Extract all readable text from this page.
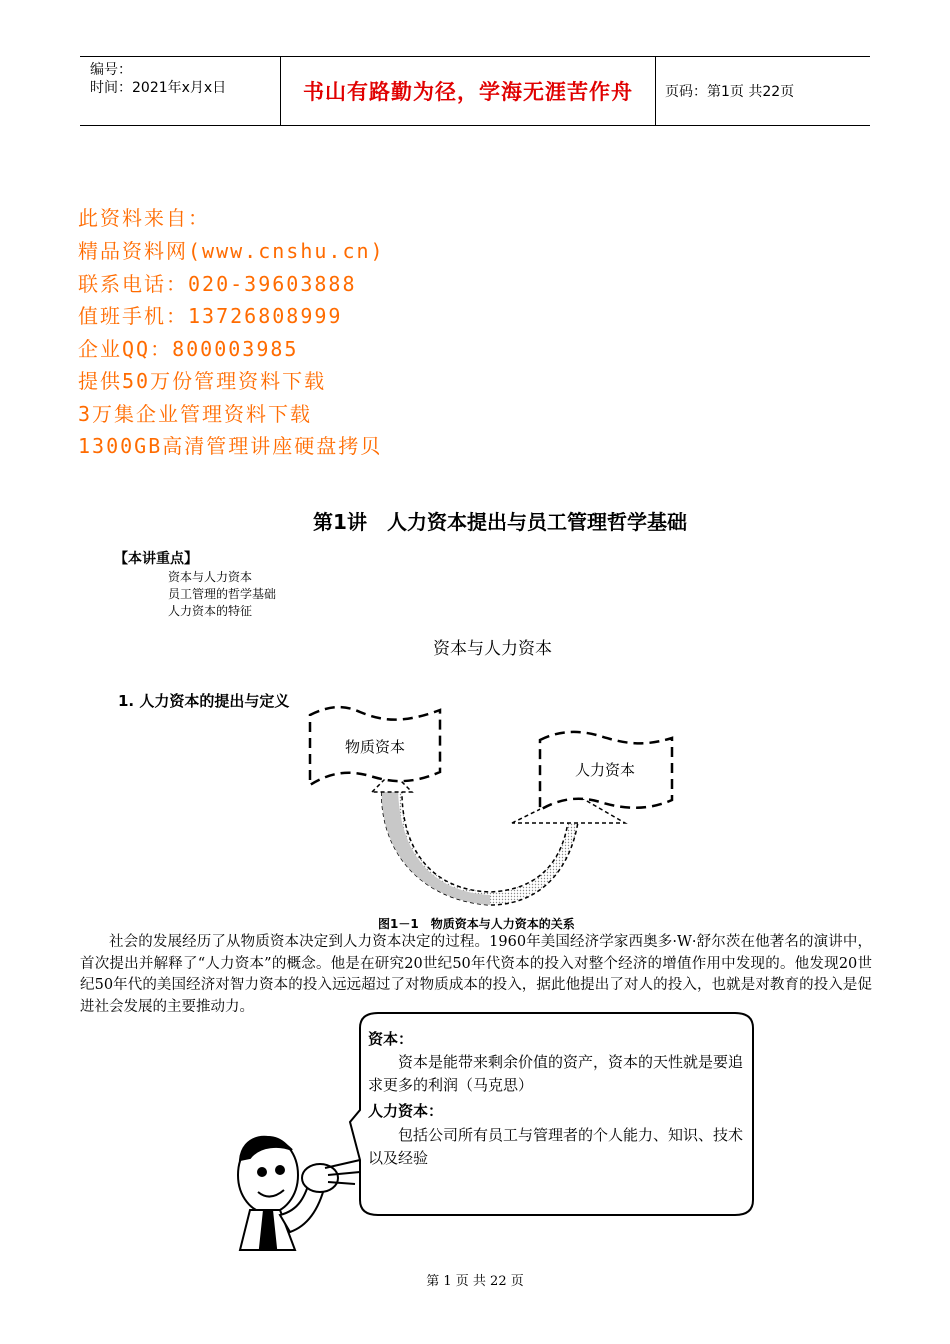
编号：
时间：2021年x月x日	书山有路勤为径，学海无涯苦作舟 页码：第1页 共22页
此资料来自：
精品资料网(www.cnshu.cn)
联系电话：020-39603888
值班手机：13726808999
企业QQ：800003985
提供50万份管理资料下载
3万集企业管理资料下载
1300GB高清管理讲座硬盘拷贝
第1讲　人力资本提出与员工管理哲学基础
【本讲重点】
资本与人力资本
员工管理的哲学基础
人力资本的特征
资本与人力资本
1. 人力资本的提出与定义
物质资本
人力资本
图1－1　物质资本与人力资本的关系
社会的发展经历了从物质资本决定到人力资本决定的过程。1960年美国经济学家西奥多·W·舒尔茨在他著名的演讲中，首次提出并解释了“人力资本”的概念。他是在研究20世纪50年代资本的投入对整个经济的增值作用中发现的。他发现20世纪50年代的美国经济对智力资本的投入远远超过了对物质成本的投入，据此他提出了对人的投入，也就是对教育的投入是促进社会发展的主要推动力。
资本：
资本是能带来剩余价值的资产，资本的天性就是要追求更多的利润（马克思）
人力资本：
包括公司所有员工与管理者的个人能力、知识、技术以及经验
第 1 页 共 22 页
